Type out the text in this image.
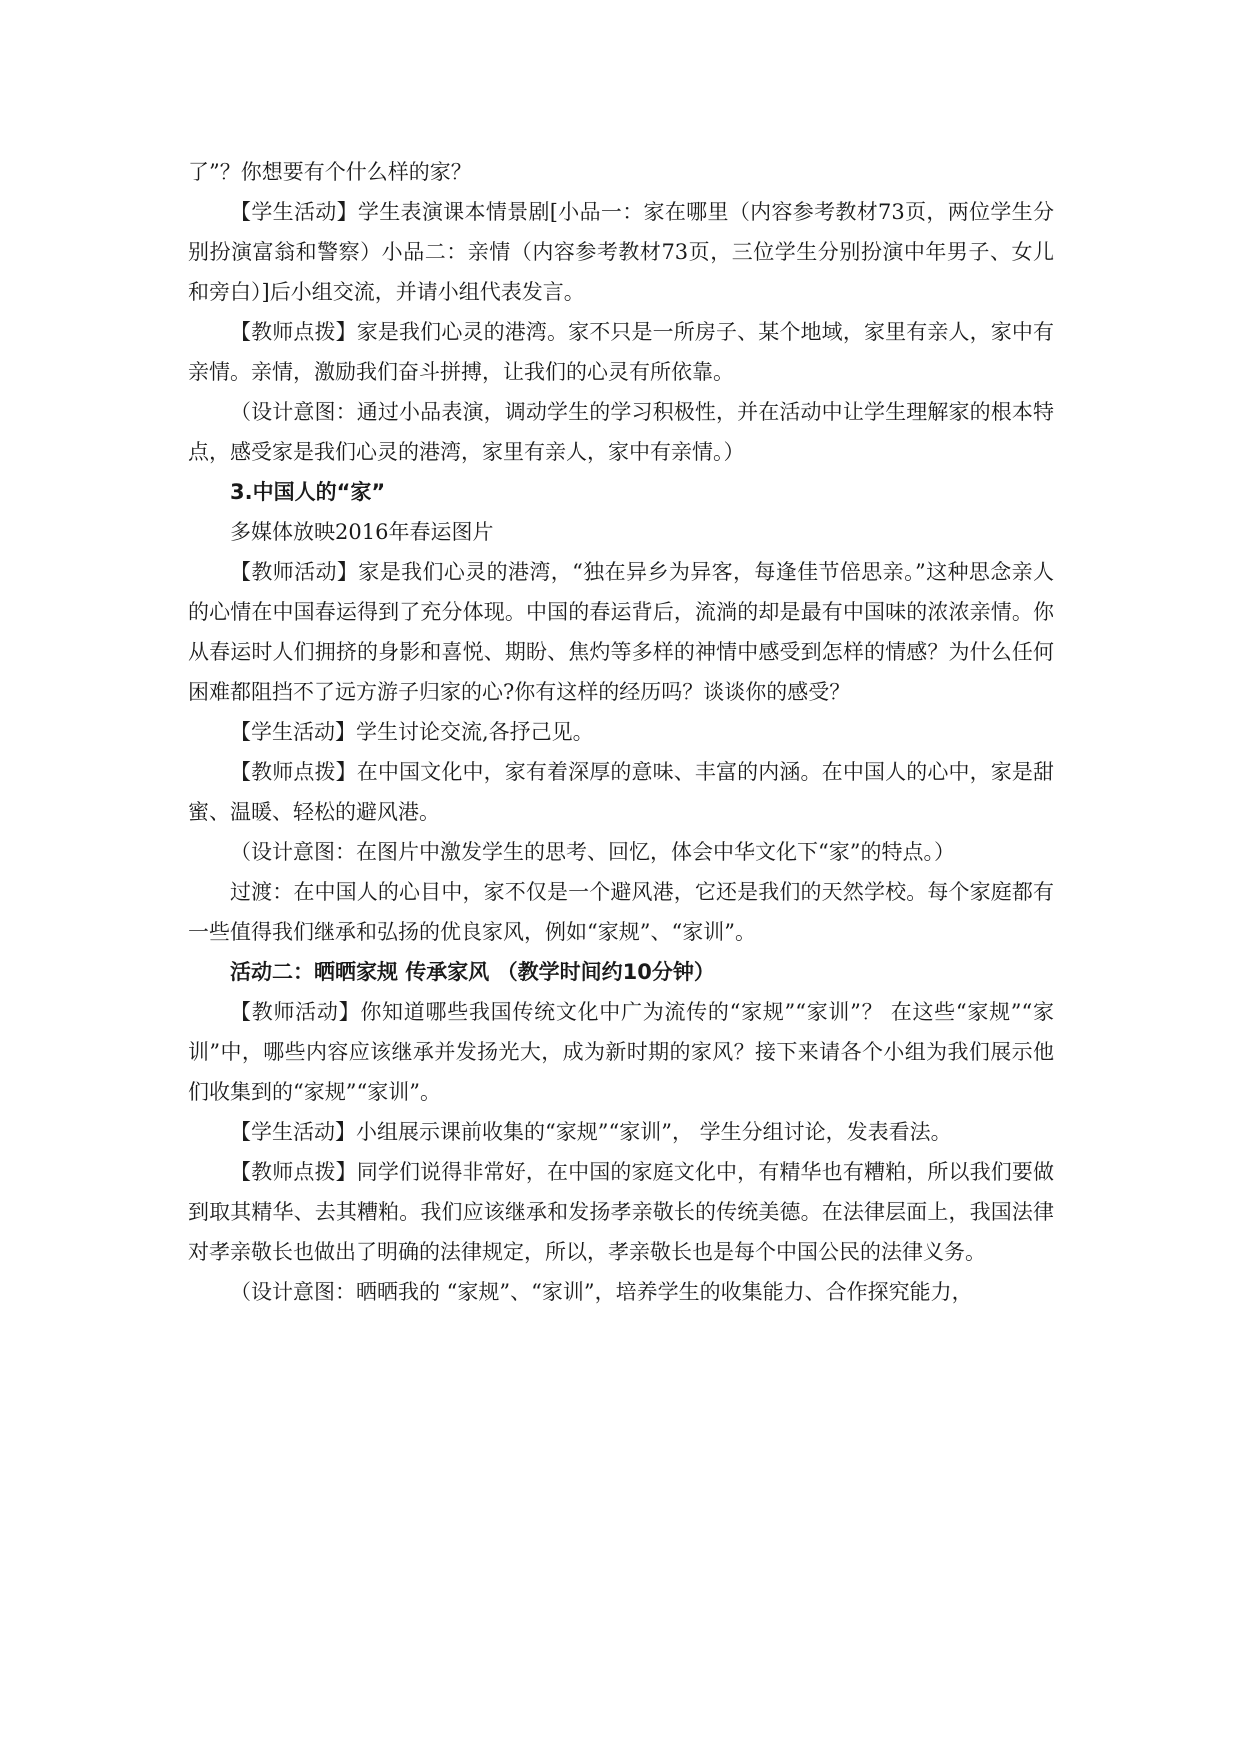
了”？你想要有个什么样的家？

【学生活动】学生表演课本情景剧[小品一：家在哪里（内容参考教材73页，两位学生分别扮演富翁和警察）小品二：亲情（内容参考教材73页，三位学生分别扮演中年男子、女儿和旁白）]后小组交流，并请小组代表发言。

【教师点拨】家是我们心灵的港湾。家不只是一所房子、某个地域，家里有亲人，家中有亲情。亲情，激励我们奋斗拼搏，让我们的心灵有所依靠。

（设计意图：通过小品表演，调动学生的学习积极性，并在活动中让学生理解家的根本特点，感受家是我们心灵的港湾，家里有亲人，家中有亲情。）

3.中国人的“家”

多媒体放映2016年春运图片

【教师活动】家是我们心灵的港湾，“独在异乡为异客，每逢佳节倍思亲。”这种思念亲人的心情在中国春运得到了充分体现。中国的春运背后，流淌的却是最有中国味的浓浓亲情。你从春运时人们拥挤的身影和喜悦、期盼、焦灼等多样的神情中感受到怎样的情感？为什么任何困难都阻挡不了远方游子归家的心?你有这样的经历吗？谈谈你的感受？

【学生活动】学生讨论交流,各抒己见。

【教师点拨】在中国文化中，家有着深厚的意味、丰富的内涵。在中国人的心中，家是甜蜜、温暖、轻松的避风港。

（设计意图：在图片中激发学生的思考、回忆，体会中华文化下“家”的特点。）

过渡：在中国人的心目中，家不仅是一个避风港，它还是我们的天然学校。每个家庭都有一些值得我们继承和弘扬的优良家风，例如“家规”、“家训”。

活动二：晒晒家规 传承家风 （教学时间约10分钟）

【教师活动】你知道哪些我国传统文化中广为流传的“家规”“家训”？ 在这些“家规”“家训”中，哪些内容应该继承并发扬光大，成为新时期的家风？接下来请各个小组为我们展示他们收集到的“家规”“家训”。

【学生活动】小组展示课前收集的“家规”“家训”， 学生分组讨论，发表看法。

【教师点拨】同学们说得非常好，在中国的家庭文化中，有精华也有糟粕，所以我们要做到取其精华、去其糟粕。我们应该继承和发扬孝亲敬长的传统美德。在法律层面上，我国法律对孝亲敬长也做出了明确的法律规定，所以，孝亲敬长也是每个中国公民的法律义务。

（设计意图：晒晒我的 “家规”、“家训”，培养学生的收集能力、合作探究能力，
